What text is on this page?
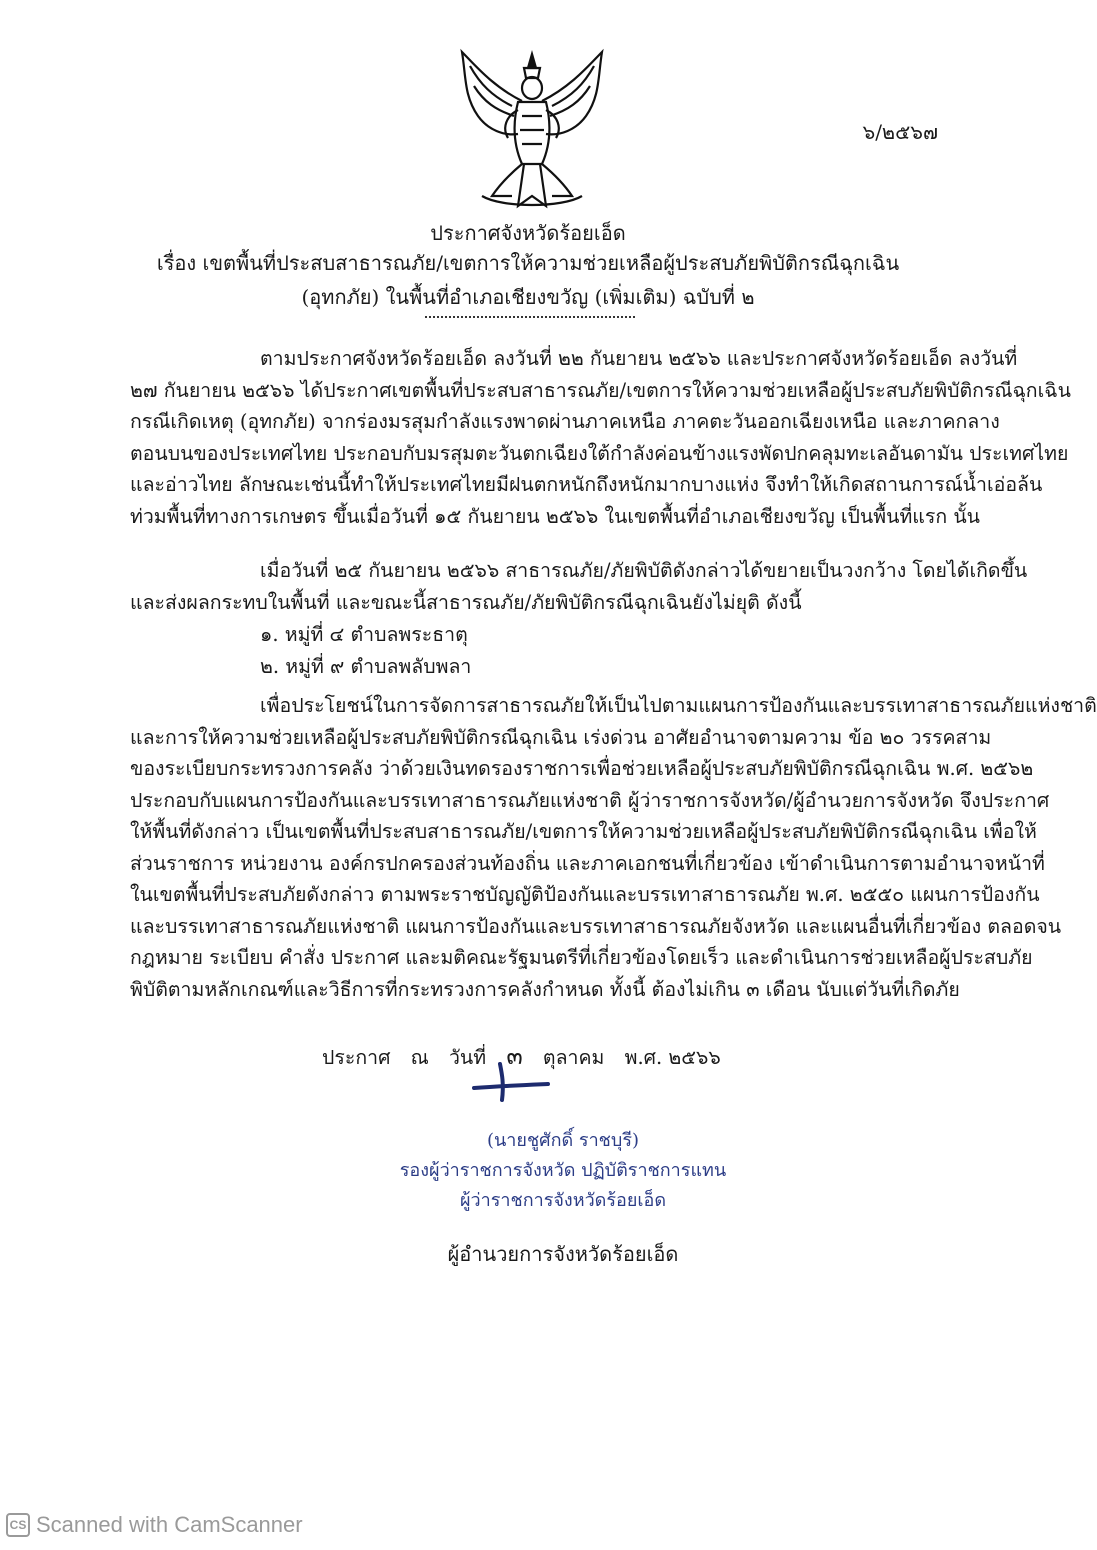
๖/๒๕๖๗
ประกาศจังหวัดร้อยเอ็ด
เรื่อง เขตพื้นที่ประสบสาธารณภัย/เขตการให้ความช่วยเหลือผู้ประสบภัยพิบัติกรณีฉุกเฉิน
(อุทกภัย) ในพื้นที่อำเภอเชียงขวัญ (เพิ่มเติม) ฉบับที่ ๒
ตามประกาศจังหวัดร้อยเอ็ด ลงวันที่ ๒๒ กันยายน ๒๕๖๖ และประกาศจังหวัดร้อยเอ็ด ลงวันที่
๒๗ กันยายน ๒๕๖๖ ได้ประกาศเขตพื้นที่ประสบสาธารณภัย/เขตการให้ความช่วยเหลือผู้ประสบภัยพิบัติกรณีฉุกเฉิน
กรณีเกิดเหตุ (อุทกภัย) จากร่องมรสุมกำลังแรงพาดผ่านภาคเหนือ ภาคตะวันออกเฉียงเหนือ และภาคกลาง
ตอนบนของประเทศไทย ประกอบกับมรสุมตะวันตกเฉียงใต้กำลังค่อนข้างแรงพัดปกคลุมทะเลอันดามัน ประเทศไทย
และอ่าวไทย ลักษณะเช่นนี้ทำให้ประเทศไทยมีฝนตกหนักถึงหนักมากบางแห่ง จึงทำให้เกิดสถานการณ์น้ำเอ่อล้น
ท่วมพื้นที่ทางการเกษตร ขึ้นเมื่อวันที่ ๑๕ กันยายน ๒๕๖๖ ในเขตพื้นที่อำเภอเชียงขวัญ เป็นพื้นที่แรก นั้น
เมื่อวันที่ ๒๕ กันยายน ๒๕๖๖ สาธารณภัย/ภัยพิบัติดังกล่าวได้ขยายเป็นวงกว้าง โดยได้เกิดขึ้น
และส่งผลกระทบในพื้นที่ และขณะนี้สาธารณภัย/ภัยพิบัติกรณีฉุกเฉินยังไม่ยุติ ดังนี้
๑. หมู่ที่ ๔ ตำบลพระธาตุ
๒. หมู่ที่ ๙ ตำบลพลับพลา
เพื่อประโยชน์ในการจัดการสาธารณภัยให้เป็นไปตามแผนการป้องกันและบรรเทาสาธารณภัยแห่งชาติ
และการให้ความช่วยเหลือผู้ประสบภัยพิบัติกรณีฉุกเฉิน เร่งด่วน อาศัยอำนาจตามความ ข้อ ๒๐ วรรคสาม
ของระเบียบกระทรวงการคลัง ว่าด้วยเงินทดรองราชการเพื่อช่วยเหลือผู้ประสบภัยพิบัติกรณีฉุกเฉิน พ.ศ. ๒๕๖๒
ประกอบกับแผนการป้องกันและบรรเทาสาธารณภัยแห่งชาติ ผู้ว่าราชการจังหวัด/ผู้อำนวยการจังหวัด จึงประกาศ
ให้พื้นที่ดังกล่าว เป็นเขตพื้นที่ประสบสาธารณภัย/เขตการให้ความช่วยเหลือผู้ประสบภัยพิบัติกรณีฉุกเฉิน เพื่อให้
ส่วนราชการ หน่วยงาน องค์กรปกครองส่วนท้องถิ่น และภาคเอกชนที่เกี่ยวข้อง เข้าดำเนินการตามอำนาจหน้าที่
ในเขตพื้นที่ประสบภัยดังกล่าว ตามพระราชบัญญัติป้องกันและบรรเทาสาธารณภัย พ.ศ. ๒๕๕๐ แผนการป้องกัน
และบรรเทาสาธารณภัยแห่งชาติ แผนการป้องกันและบรรเทาสาธารณภัยจังหวัด และแผนอื่นที่เกี่ยวข้อง ตลอดจน
กฎหมาย ระเบียบ คำสั่ง ประกาศ และมติคณะรัฐมนตรีที่เกี่ยวข้องโดยเร็ว และดำเนินการช่วยเหลือผู้ประสบภัย
พิบัติตามหลักเกณฑ์และวิธีการที่กระทรวงการคลังกำหนด ทั้งนี้ ต้องไม่เกิน ๓ เดือน นับแต่วันที่เกิดภัย
ประกาศ ณ วันที่ ๓ ตุลาคม พ.ศ. ๒๕๖๖
(นายชูศักดิ์ ราชบุรี)
รองผู้ว่าราชการจังหวัด ปฏิบัติราชการแทน
ผู้ว่าราชการจังหวัดร้อยเอ็ด
ผู้อำนวยการจังหวัดร้อยเอ็ด
CS Scanned with CamScanner
